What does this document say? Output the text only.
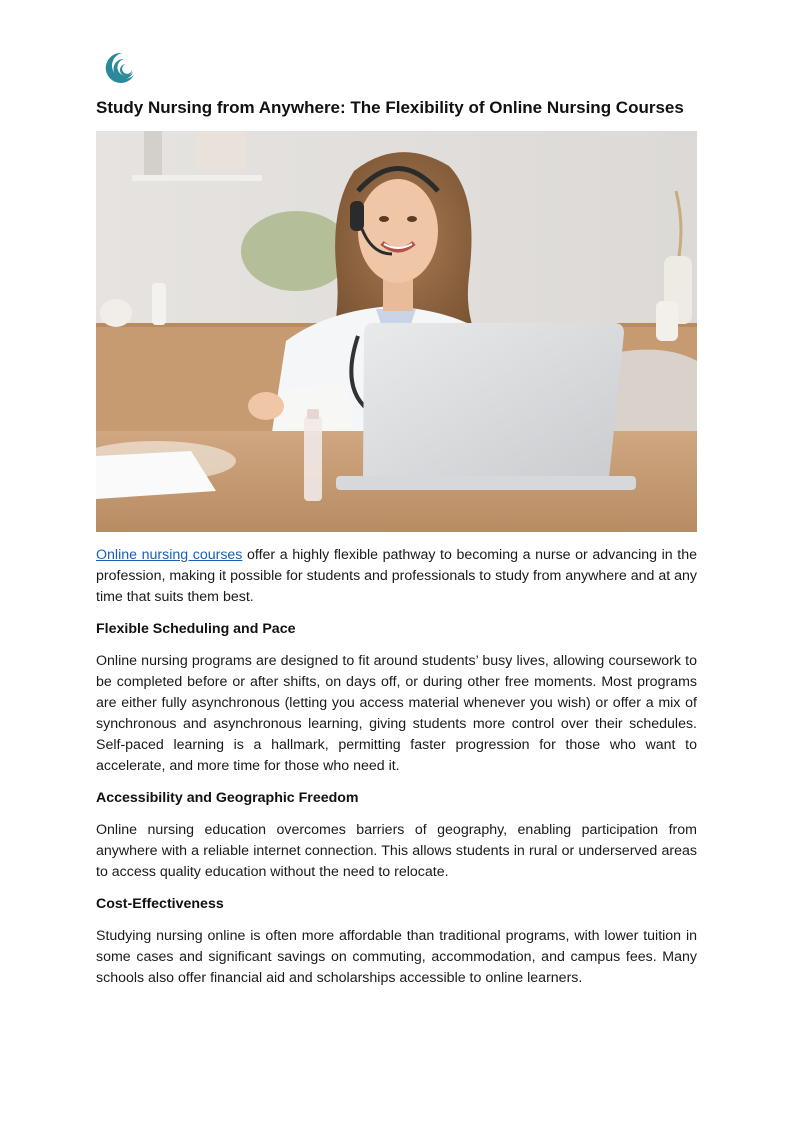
Study Nursing from Anywhere: The Flexibility of Online Nursing Courses

Online nursing courses offer a highly flexible pathway to becoming a nurse or advancing in the profession, making it possible for students and professionals to study from anywhere and at any time that suits them best.

Flexible Scheduling and Pace

Online nursing programs are designed to fit around students’ busy lives, allowing coursework to be completed before or after shifts, on days off, or during other free moments. Most programs are either fully asynchronous (letting you access material whenever you wish) or offer a mix of synchronous and asynchronous learning, giving students more control over their schedules. Self-paced learning is a hallmark, permitting faster progression for those who want to accelerate, and more time for those who need it.

Accessibility and Geographic Freedom

Online nursing education overcomes barriers of geography, enabling participation from anywhere with a reliable internet connection. This allows students in rural or underserved areas to access quality education without the need to relocate.

Cost-Effectiveness

Studying nursing online is often more affordable than traditional programs, with lower tuition in some cases and significant savings on commuting, accommodation, and campus fees. Many schools also offer financial aid and scholarships accessible to online learners.
